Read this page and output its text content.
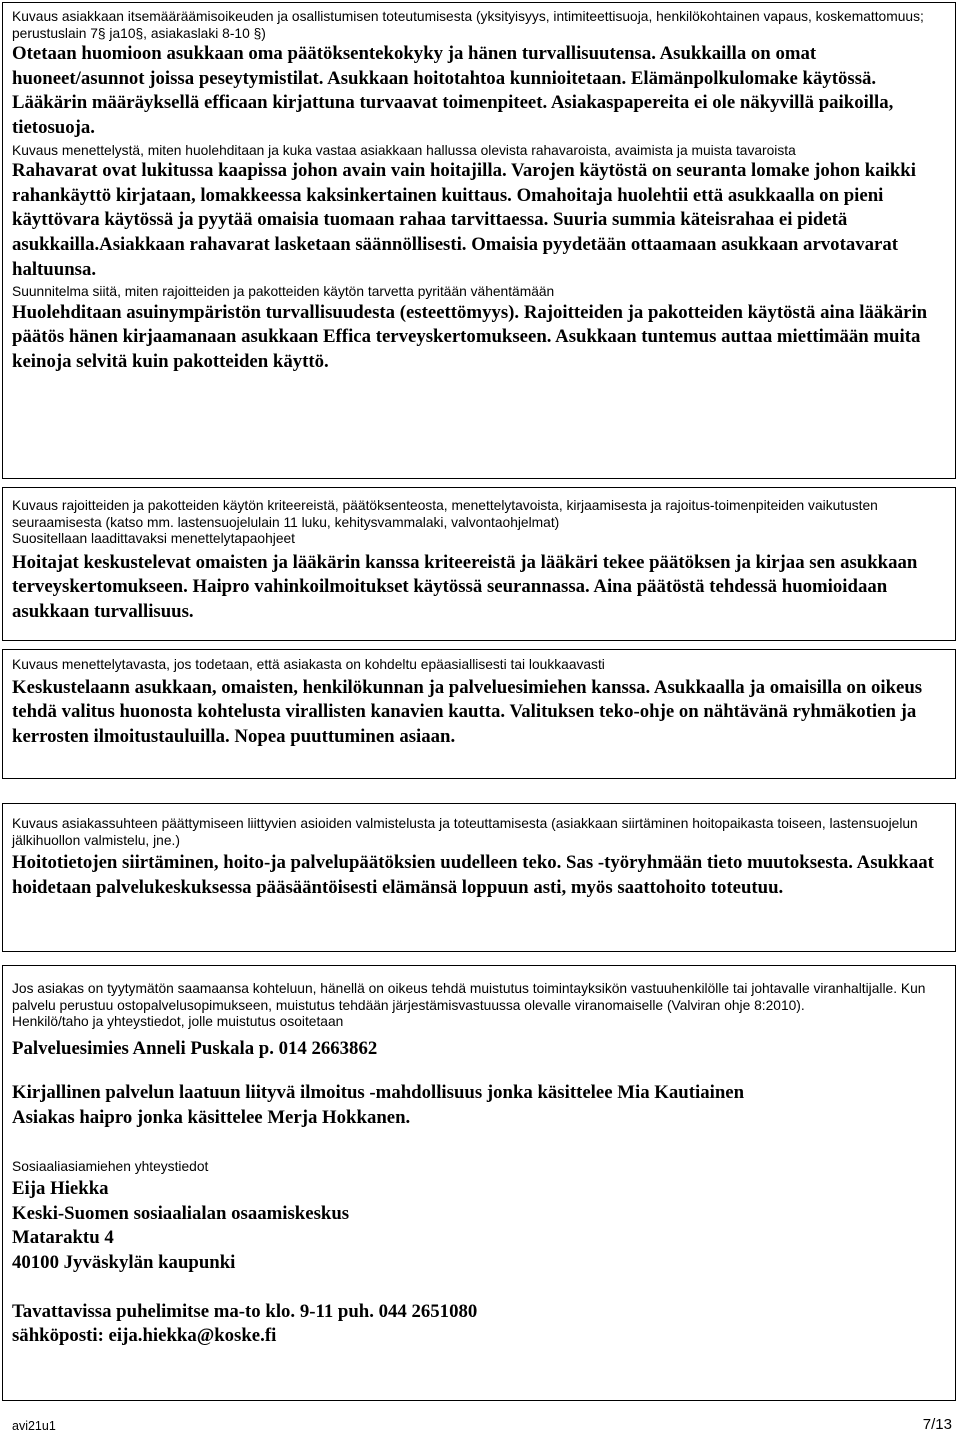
Kuvaus asiakkaan itsemääräämisoikeuden ja osallistumisen toteutumisesta (yksityisyys, intimiteettisuoja, henkilökohtainen vapaus, koskemattomuus; perustuslain 7§ ja10§, asiakaslaki 8-10 §)
Otetaan huomioon asukkaan oma päätöksentekokyky ja hänen turvallisuutensa. Asukkailla on omat huoneet/asunnot joissa peseytymistilat. Asukkaan hoitotahtoa kunnioitetaan. Elämänpolkulomake käytössä. Lääkärin määräyksellä efficaan kirjattuna turvaavat toimenpiteet. Asiakaspapereita ei ole näkyvillä paikoilla, tietosuoja.
Kuvaus menettelystä, miten huolehditaan ja kuka vastaa asiakkaan hallussa olevista rahavaroista, avaimista ja muista tavaroista
Rahavarat ovat lukitussa kaapissa johon avain vain hoitajilla. Varojen käytöstä on seuranta lomake johon kaikki rahankäyttö kirjataan, lomakkeessa kaksinkertainen kuittaus. Omahoitaja huolehtii että asukkaalla on pieni käyttövara käytössä ja pyytää omaisia tuomaan rahaa tarvittaessa. Suuria summia käteisrahaa ei pidetä asukkailla.Asiakkaan rahavarat lasketaan säännöllisesti. Omaisia pyydetään ottaamaan asukkaan arvotavarat haltuunsa.
Suunnitelma siitä, miten rajoitteiden ja pakotteiden käytön tarvetta pyritään vähentämään
Huolehditaan asuinympäristön turvallisuudesta (esteettömyys). Rajoitteiden ja pakotteiden käytöstä aina lääkärin päätös hänen kirjaamanaan asukkaan Effica terveyskertomukseen. Asukkaan tuntemus auttaa miettimään muita keinoja selvitä kuin pakotteiden käyttö.
Kuvaus rajoitteiden ja pakotteiden käytön kriteereistä, päätöksenteosta, menettelytavoista, kirjaamisesta ja rajoitus-toimenpiteiden vaikutusten seuraamisesta (katso mm. lastensuojelulain 11 luku, kehitysvammalaki, valvontaohjelmat)
Suositellaan laadittavaksi menettelytapaohjeet
Hoitajat keskustelevat omaisten ja lääkärin kanssa kriteereistä ja lääkäri tekee päätöksen ja kirjaa sen asukkaan terveyskertomukseen. Haipro vahinkoilmoitukset käytössä seurannassa. Aina päätöstä tehdessä huomioidaan asukkaan turvallisuus.
Kuvaus menettelytavasta, jos todetaan, että asiakasta on kohdeltu epäasiallisesti tai loukkaavasti
Keskustelaann asukkaan, omaisten, henkilökunnan ja palveluesimiehen kanssa. Asukkaalla ja omaisilla on oikeus tehdä valitus huonosta kohtelusta virallisten kanavien kautta. Valituksen teko-ohje on nähtävänä ryhmäkotien ja kerrosten ilmoitustauluilla. Nopea puuttuminen asiaan.
Kuvaus asiakassuhteen päättymiseen liittyvien asioiden valmistelusta ja toteuttamisesta (asiakkaan siirtäminen hoitopaikasta toiseen, lastensuojelun jälkihuollon valmistelu, jne.)
Hoitotietojen siirtäminen, hoito-ja palvelupäätöksien uudelleen teko. Sas -työryhmään tieto muutoksesta. Asukkaat hoidetaan palvelukeskuksessa pääsääntöisesti elämänsä loppuun asti, myös saattohoito toteutuu.
Jos asiakas on tyytymätön saamaansa kohteluun, hänellä on oikeus tehdä muistutus toimintayksikön vastuuhenkilölle tai johtavalle viranhaltijalle. Kun palvelu perustuu ostopalvelusopimukseen, muistutus tehdään järjestämisvastuussa olevalle viranomaiselle (Valviran ohje 8:2010).
Henkilö/taho ja yhteystiedot, jolle muistutus osoitetaan
Palveluesimies Anneli Puskala p. 014 2663862
Kirjallinen palvelun laatuun liityvä ilmoitus -mahdollisuus jonka käsittelee Mia Kautiainen
Asiakas haipro jonka käsittelee Merja Hokkanen.
Sosiaaliasiamiehen yhteystiedot
Eija Hiekka
Keski-Suomen sosiaalialan osaamiskeskus
Mataraktu 4
40100 Jyväskylän kaupunki
Tavattavissa puhelimitse ma-to klo. 9-11 puh. 044 2651080
sähköposti: eija.hiekka@koske.fi
avi21u1	7/13
